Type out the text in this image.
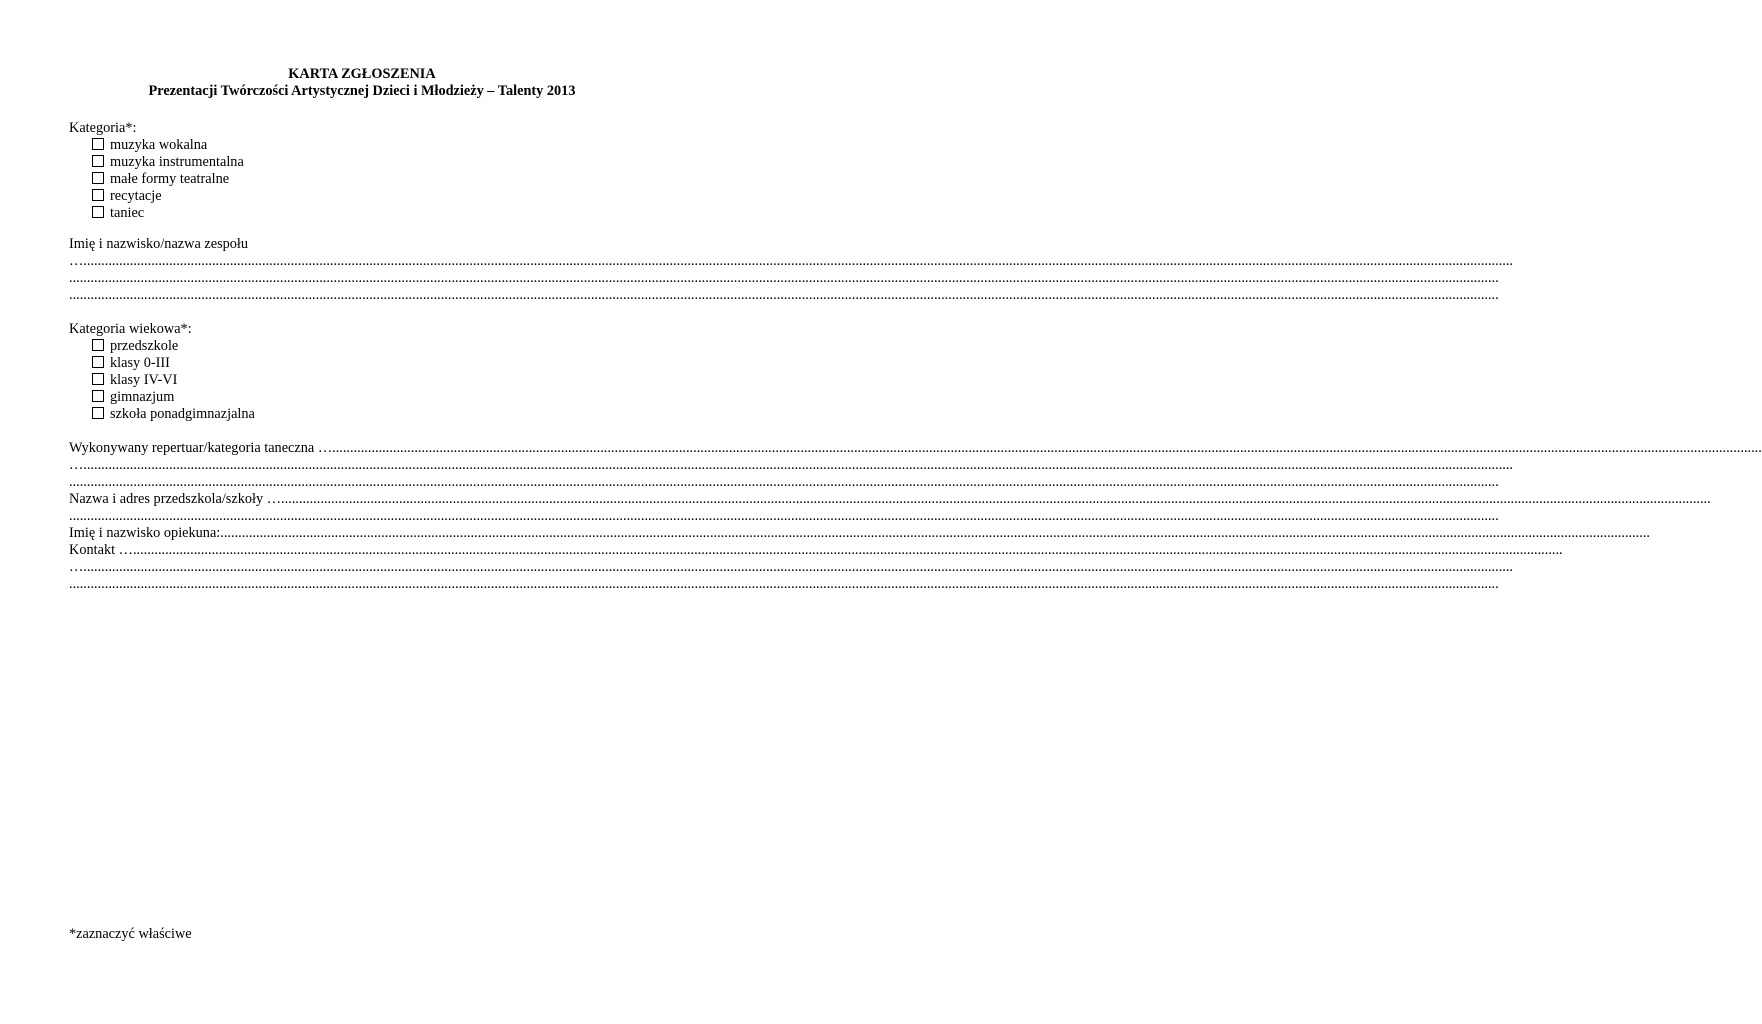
KARTA ZGŁOSZENIA
Prezentacji Twórczości Artystycznej Dzieci i Młodzieży – Talenty 2013
Kategoria*:
muzyka wokalna
muzyka instrumentalna
małe formy teatralne
recytacje
taniec
Imię i nazwisko/nazwa zespołu
…................................................................................................................................................................................................................................................................................................................................................................................................................
................................................................................................................................................................................................................................................................................................................................................................................................................
................................................................................................................................................................................................................................................................................................................................................................................................................
Kategoria wiekowa*:
przedszkole
klasy 0-III
klasy IV-VI
gimnazjum
szkoła ponadgimnazjalna
Wykonywany repertuar/kategoria taneczna … ................................................................................................................................................................................................................................................................................................................................................................................................................
…................................................................................................................................................................................................................................................................................................................................................................................................................
................................................................................................................................................................................................................................................................................................................................................................................................................
Nazwa i adres przedszkola/szkoły … ................................................................................................................................................................................................................................................................................................................................................................................................................
................................................................................................................................................................................................................................................................................................................................................................................................................
Imię i nazwisko opiekuna: ................................................................................................................................................................................................................................................................................................................................................................................................................
Kontakt … ................................................................................................................................................................................................................................................................................................................................................................................................................
…................................................................................................................................................................................................................................................................................................................................................................................................................
................................................................................................................................................................................................................................................................................................................................................................................................................
*zaznaczyć właściwe
